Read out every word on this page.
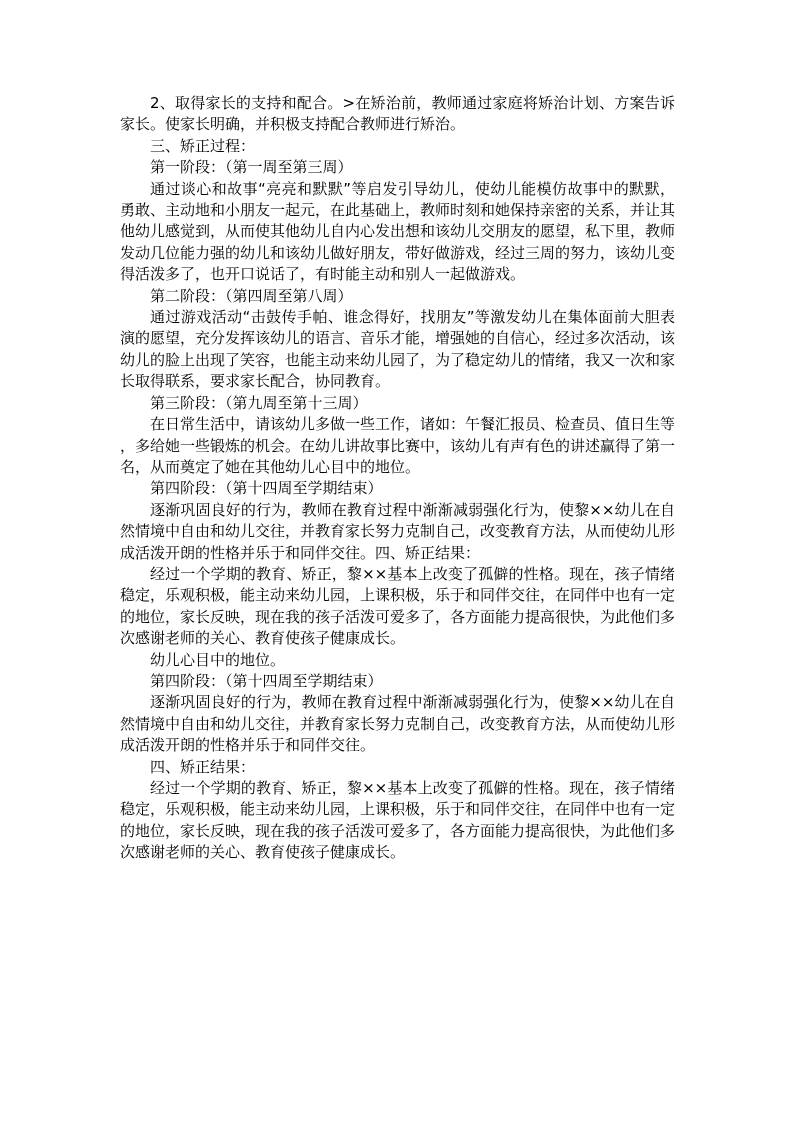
2、取得家长的支持和配合。>在矫治前，教师通过家庭将矫治计划、方案告诉家长。使家长明确，并积极支持配合教师进行矫治。

三、矫正过程：

第一阶段：（第一周至第三周）

通过谈心和故事“亮亮和默默”等启发引导幼儿，使幼儿能模仿故事中的默默，勇敢、主动地和小朋友一起元，在此基础上，教师时刻和她保持亲密的关系，并让其他幼儿感觉到，从而使其他幼儿自内心发出想和该幼儿交朋友的愿望，私下里，教师发动几位能力强的幼儿和该幼儿做好朋友，带好做游戏，经过三周的努力，该幼儿变得活泼多了，也开口说话了，有时能主动和别人一起做游戏。

第二阶段：（第四周至第八周）

通过游戏活动“击鼓传手帕、谁念得好，找朋友”等激发幼儿在集体面前大胆表演的愿望，充分发挥该幼儿的语言、音乐才能，增强她的自信心，经过多次活动，该幼儿的脸上出现了笑容，也能主动来幼儿园了，为了稳定幼儿的情绪，我又一次和家长取得联系，要求家长配合，协同教育。

第三阶段：（第九周至第十三周）

在日常生活中，请该幼儿多做一些工作，诸如：午餐汇报员、检查员、值日生等，多给她一些锻炼的机会。在幼儿讲故事比赛中，该幼儿有声有色的讲述赢得了第一名，从而奠定了她在其他幼儿心目中的地位。

第四阶段：（第十四周至学期结束）

逐渐巩固良好的行为，教师在教育过程中渐渐减弱强化行为，使黎××幼儿在自然情境中自由和幼儿交往，并教育家长努力克制自己，改变教育方法，从而使幼儿形成活泼开朗的性格并乐于和同伴交往。四、矫正结果：

经过一个学期的教育、矫正，黎××基本上改变了孤僻的性格。现在，孩子情绪稳定，乐观积极，能主动来幼儿园，上课积极，乐于和同伴交往，在同伴中也有一定的地位，家长反映，现在我的孩子活泼可爱多了，各方面能力提高很快，为此他们多次感谢老师的关心、教育使孩子健康成长。

幼儿心目中的地位。

第四阶段：（第十四周至学期结束）

逐渐巩固良好的行为，教师在教育过程中渐渐减弱强化行为，使黎××幼儿在自然情境中自由和幼儿交往，并教育家长努力克制自己，改变教育方法，从而使幼儿形成活泼开朗的性格并乐于和同伴交往。

四、矫正结果：

经过一个学期的教育、矫正，黎××基本上改变了孤僻的性格。现在，孩子情绪稳定，乐观积极，能主动来幼儿园，上课积极，乐于和同伴交往，在同伴中也有一定的地位，家长反映，现在我的孩子活泼可爱多了，各方面能力提高很快，为此他们多次感谢老师的关心、教育使孩子健康成长。
